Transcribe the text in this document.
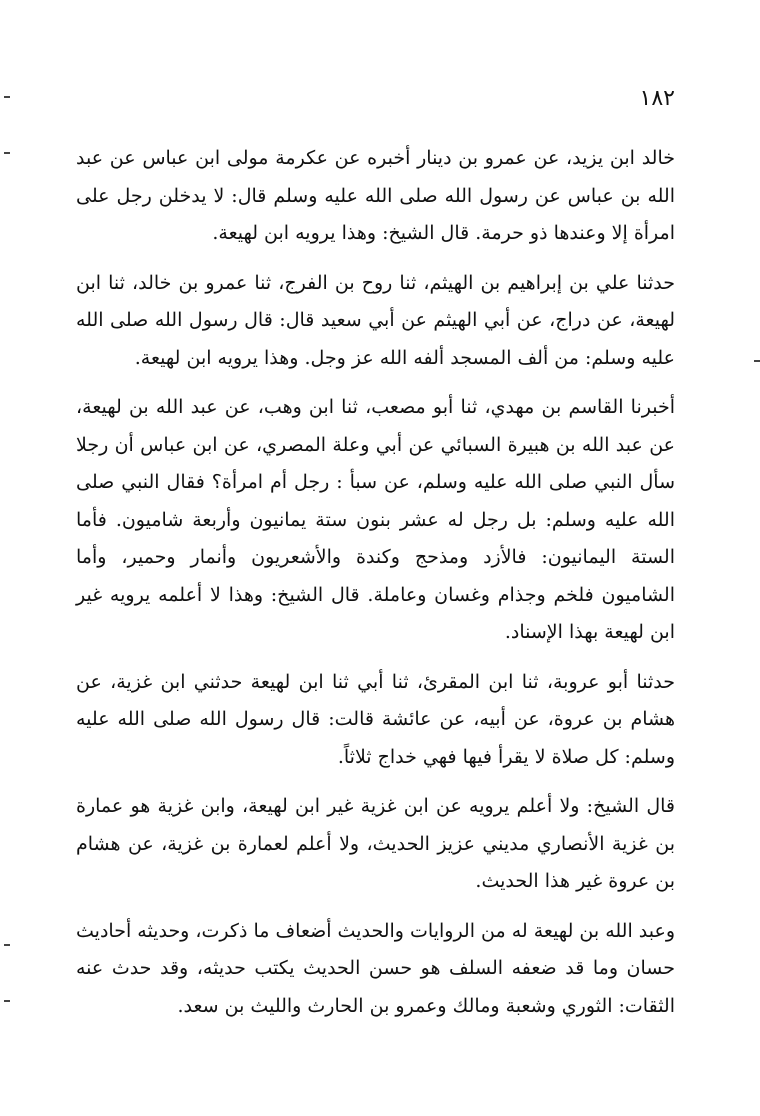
١٨٢

خالد ابن يزيد، عن عمرو بن دينار أخبره عن عكرمة مولى ابن عباس عن عبد الله بن عباس عن رسول الله صلى الله عليه وسلم قال: لا يدخلن رجل على امرأة إلا وعندها ذو حرمة. قال الشيخ: وهذا يرويه ابن لهيعة.

حدثنا علي بن إبراهيم بن الهيثم، ثنا روح بن الفرج، ثنا عمرو بن خالد، ثنا ابن لهيعة، عن دراج، عن أبي الهيثم عن أبي سعيد قال: قال رسول الله صلى الله عليه وسلم: من ألف المسجد ألفه الله عز وجل. وهذا يرويه ابن لهيعة.

أخبرنا القاسم بن مهدي، ثنا أبو مصعب، ثنا ابن وهب، عن عبد الله بن لهيعة، عن عبد الله بن هبيرة السبائي عن أبي وعلة المصري، عن ابن عباس أن رجلا سأل النبي صلى الله عليه وسلم، عن سبأ : رجل أم امرأة؟ فقال النبي صلى الله عليه وسلم: بل رجل له عشر بنون ستة يمانيون وأربعة شاميون. فأما الستة اليمانيون: فالأزد ومذحج وكندة والأشعريون وأنمار وحمير، وأما الشاميون فلخم وجذام وغسان وعاملة. قال الشيخ: وهذا لا أعلمه يرويه غير ابن لهيعة بهذا الإسناد.

حدثنا أبو عروبة، ثنا ابن المقرئ، ثنا أبي ثنا ابن لهيعة حدثني ابن غزية، عن هشام بن عروة، عن أبيه، عن عائشة قالت: قال رسول الله صلى الله عليه وسلم: كل صلاة لا يقرأ فيها فهي خداج ثلاثاً.

قال الشيخ: ولا أعلم يرويه عن ابن غزية غير ابن لهيعة، وابن غزية هو عمارة بن غزية الأنصاري مديني عزيز الحديث، ولا أعلم لعمارة بن غزية، عن هشام بن عروة غير هذا الحديث.

وعبد الله بن لهيعة له من الروايات والحديث أضعاف ما ذكرت، وحديثه أحاديث حسان وما قد ضعفه السلف هو حسن الحديث يكتب حديثه، وقد حدث عنه الثقات: الثوري وشعبة ومالك وعمرو بن الحارث والليث بن سعد.
